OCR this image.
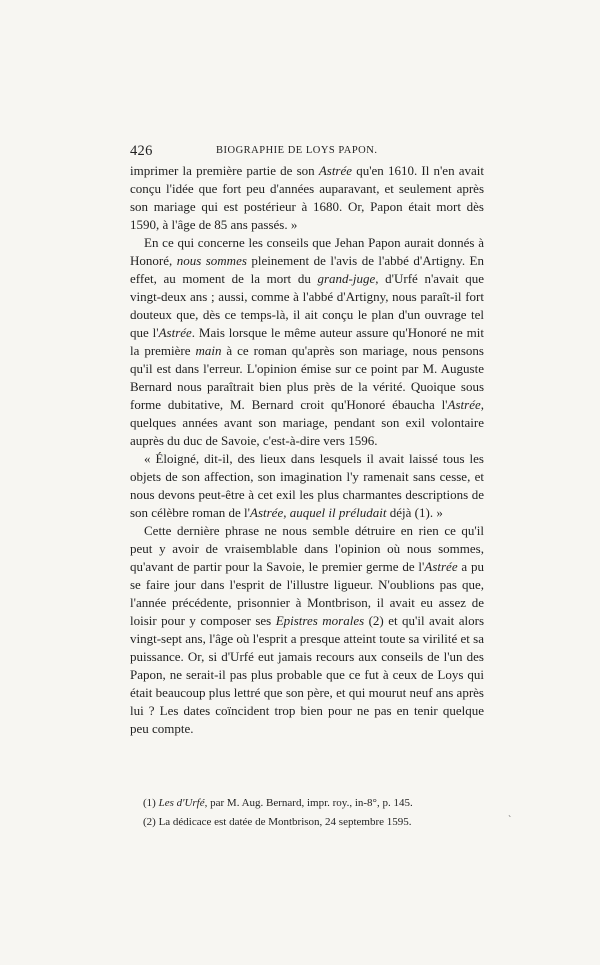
426	BIOGRAPHIE DE LOYS PAPON.

imprimer la première partie de son Astrée qu'en 1610. Il n'en avait conçu l'idée que fort peu d'années auparavant, et seulement après son mariage qui est postérieur à 1680. Or, Papon était mort dès 1590, à l'âge de 85 ans passés. »

En ce qui concerne les conseils que Jehan Papon aurait donnés à Honoré, nous sommes pleinement de l'avis de l'abbé d'Artigny. En effet, au moment de la mort du grand-juge, d'Urfé n'avait que vingt-deux ans ; aussi, comme à l'abbé d'Artigny, nous paraît-il fort douteux que, dès ce temps-là, il ait conçu le plan d'un ouvrage tel que l'Astrée. Mais lorsque le même auteur assure qu'Honoré ne mit la première main à ce roman qu'après son mariage, nous pensons qu'il est dans l'erreur. L'opinion émise sur ce point par M. Auguste Bernard nous paraîtrait bien plus près de la vérité. Quoique sous forme dubitative, M. Bernard croit qu'Honoré ébaucha l'Astrée, quelques années avant son mariage, pendant son exil volontaire auprès du duc de Savoie, c'est-à-dire vers 1596.

« Éloigné, dit-il, des lieux dans lesquels il avait laissé tous les objets de son affection, son imagination l'y ramenait sans cesse, et nous devons peut-être à cet exil les plus charmantes descriptions de son célèbre roman de l'Astrée, auquel il préludait déjà (1). »

Cette dernière phrase ne nous semble détruire en rien ce qu'il peut y avoir de vraisemblable dans l'opinion où nous sommes, qu'avant de partir pour la Savoie, le premier germe de l'Astrée a pu se faire jour dans l'esprit de l'illustre ligueur. N'oublions pas que, l'année précédente, prisonnier à Montbrison, il avait eu assez de loisir pour y composer ses Epistres morales (2) et qu'il avait alors vingt-sept ans, l'âge où l'esprit a presque atteint toute sa virilité et sa puissance. Or, si d'Urfé eut jamais recours aux conseils de l'un des Papon, ne serait-il pas plus probable que ce fut à ceux de Loys qui était beaucoup plus lettré que son père, et qui mourut neuf ans après lui ? Les dates coïncident trop bien pour ne pas en tenir quelque peu compte.

(1) Les d'Urfé, par M. Aug. Bernard, impr. roy., in-8°, p. 145.

(2) La dédicace est datée de Montbrison, 24 septembre 1595.	`
